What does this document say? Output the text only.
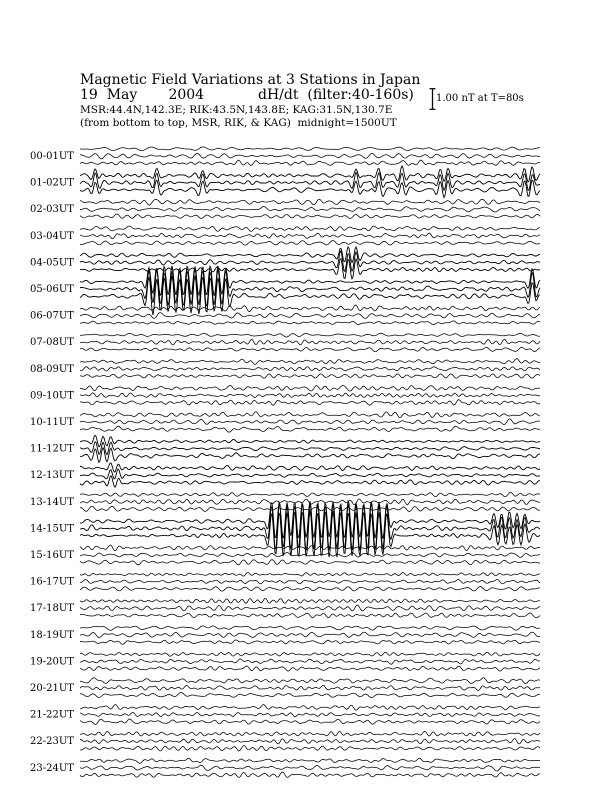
Magnetic Field Variations at 3 Stations in Japan
19  May       2004	dH/dt  (filter:40-160s)
MSR:44.4N,142.3E; RIK:43.5N,143.8E; KAG:31.5N,130.7E
(from bottom to top, MSR, RIK, & KAG)  midnight=1500UT
1.00 nT at T=80s
00-01UT
01-02UT
02-03UT
03-04UT
04-05UT
05-06UT
06-07UT
07-08UT
08-09UT
09-10UT
10-11UT
11-12UT
12-13UT
13-14UT
14-15UT
15-16UT
16-17UT
17-18UT
18-19UT
19-20UT
20-21UT
21-22UT
22-23UT
23-24UT
